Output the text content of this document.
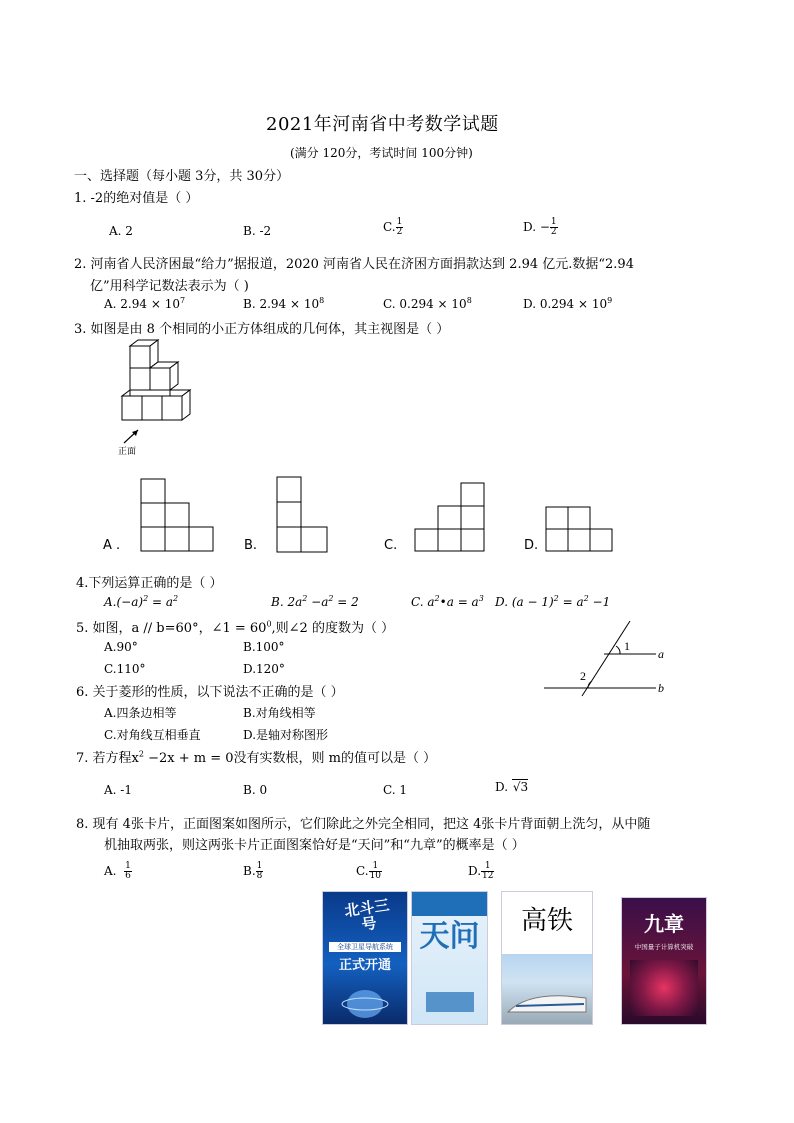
2021年河南省中考数学试题
(满分 120分，考试时间 100分钟)
一、选择题（每小题 3分，共 30分）
1. -2的绝对值是（ ）
A. 2	B. -2	C. $\frac{1}{2}$	D. − $\frac{1}{2}$
2. 河南省人民济困最“给力”据报道，2020 河南省人民在济困方面捐款达到 2.94 亿元.数据“2.94
亿”用科学记数法表示为（ )
A. $2.94 \times 10^7$	B. $2.94 \times 10^8$	C. $0.294 \times 10^8$	D. $0.294 \times 10^9$
3. 如图是由 8 个相同的小正方体组成的几何体，其主视图是（ ）
正面
A .	B.	C.	D.
4.下列运算正确的是（ ）
$A.(-a)^2 = a^2$	B. $2a^2 -a^2 = 2$	C. $a^2•a = a^3$ D. $(a - 1)^2 = a^2 -1$
5. 如图，a // b=60°，∠1 = $60^0$,则∠2 的度数为（ ）
A.90°	B.100°
C.110°	D.120°
1
2
a
b
6. 关于菱形的性质，以下说法不正确的是（ ）
A.四条边相等	B.对角线相等
C.对角线互相垂直	D.是轴对称图形
7. 若方程$x^2 -2x + m = 0$没有实数根，则 m的值可以是（ ）
A. -1	B. 0	C. 1	D. √3
8. 现有 4张卡片，正面图案如图所示，它们除此之外完全相同，把这 4张卡片背面朝上洗匀，从中随
机抽取两张，则这两张卡片正面图案恰好是“天问”和“九章”的概率是（ ）
A. $\frac{1}{6}$	B. $\frac{1}{8}$	C. $\frac{1}{10}$	D. $\frac{1}{12}$
北斗三号
全球卫星导航系统
正式开通
天问	高铁	九章
中国量子计算机突破
